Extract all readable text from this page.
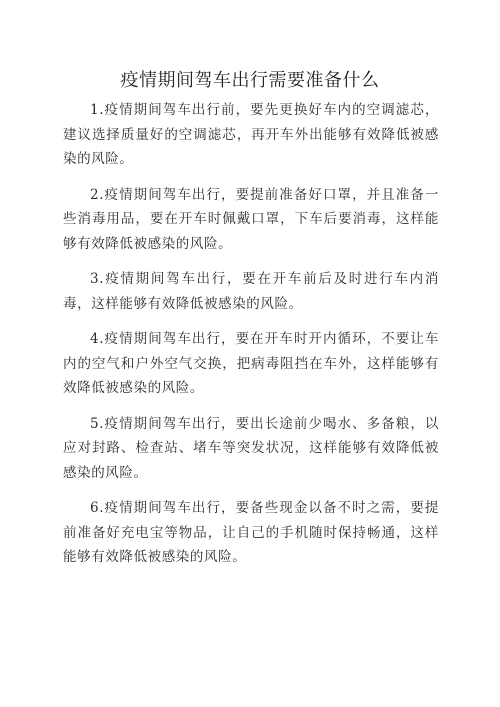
疫情期间驾车出行需要准备什么

1.疫情期间驾车出行前，要先更换好车内的空调滤芯，建议选择质量好的空调滤芯，再开车外出能够有效降低被感染的风险。

2.疫情期间驾车出行，要提前准备好口罩，并且准备一些消毒用品，要在开车时佩戴口罩，下车后要消毒，这样能够有效降低被感染的风险。

3.疫情期间驾车出行，要在开车前后及时进行车内消毒，这样能够有效降低被感染的风险。

4.疫情期间驾车出行，要在开车时开内循环，不要让车内的空气和户外空气交换，把病毒阻挡在车外，这样能够有效降低被感染的风险。

5.疫情期间驾车出行，要出长途前少喝水、多备粮，以应对封路、检查站、堵车等突发状况，这样能够有效降低被感染的风险。

6.疫情期间驾车出行，要备些现金以备不时之需，要提前准备好充电宝等物品，让自己的手机随时保持畅通，这样能够有效降低被感染的风险。
